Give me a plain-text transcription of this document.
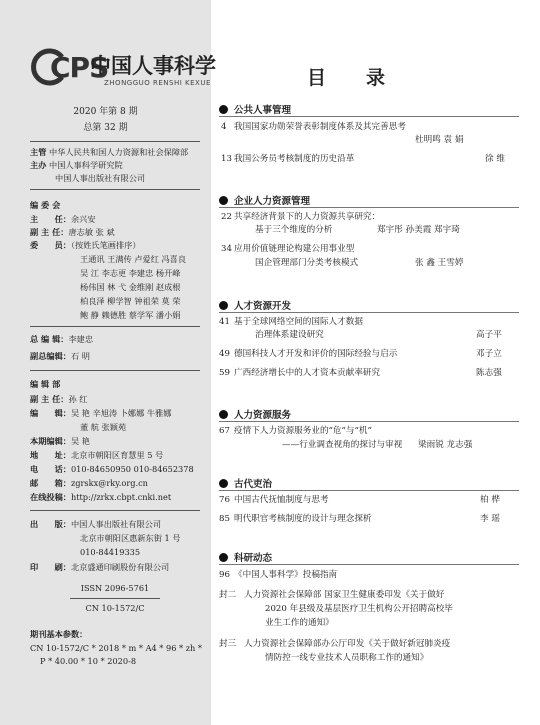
CPS
中国人事科学
ZHONGGUO RENSHI KEXUE
2020 年第 8 期
总第 32 期
主管 中华人民共和国人力资源和社会保障部
主办 中国人事科学研究院
中国人事出版社有限公司
编 委 会
主　　任：余兴安
副 主 任：唐志敏 张 斌
委　　员：（按姓氏笔画排序）
王通讯 王满传 卢爱红 冯喜良
吴 江 李志更 李建忠 杨开峰
杨伟国 林 弋 金维刚 赵成根
柏良泽 柳学智 钟祖荣 莫 荣
鲍 静 赖德胜 蔡学军 潘小娟
总 编 辑：李建忠
副总编辑：石 明
编 辑 部
副 主 任：孙 红
编　　辑：吴 艳 辛旭涛 卜娜娜 牛雅娜
董 航 张颖苑
本期编辑：吴 艳
地　　址：北京市朝阳区育慧里 5 号
电　　话：010-84650950 010-84652378
邮　　箱：zgrskx@rky.org.cn
在线投稿：http://zrkx.cbpt.cnki.net
出　　版：中国人事出版社有限公司
北京市朝阳区惠新东街 1 号
010-84419335
印　　刷：北京盛通印刷股份有限公司
ISSN 2096-5761
CN 10-1572/C
期刊基本参数：
CN 10-1572/C * 2018 * m * A4 * 96 * zh *
P * 40.00 * 10 * 2020-8
目录
公共人事管理
4 我国国家功勋荣誉表彰制度体系及其完善思考
杜明鸣 袁 娟
13 我国公务员考核制度的历史沿革	徐 维
企业人力资源管理
22 共享经济背景下的人力资源共享研究：
基于三个维度的分析	郑宇彤 孙美霞 郑宇琦
34 应用价值链理论构建公用事业型
国企管理部门分类考核模式	张 鑫 王雪婷
人才资源开发
41 基于全球网络空间的国际人才数据
治理体系建设研究	高子平
49 德国科技人才开发和评价的国际经验与启示	邓子立
59 广西经济增长中的人才资本贡献率研究	陈志强
人力资源服务
67 疫情下人力资源服务业的“危”与“机”
——行业调查视角的探讨与审视 梁雨锐 龙志强
古代吏治
76 中国古代抚恤制度与思考	柏 桦
85 明代职官考核制度的设计与理念探析	李 瑶
科研动态
96 《中国人事科学》投稿指南
封二 人力资源社会保障部 国家卫生健康委印发《关于做好
2020 年县级及基层医疗卫生机构公开招聘高校毕
业生工作的通知》
封三 人力资源社会保障部办公厅印发《关于做好新冠肺炎疫
情防控一线专业技术人员职称工作的通知》
